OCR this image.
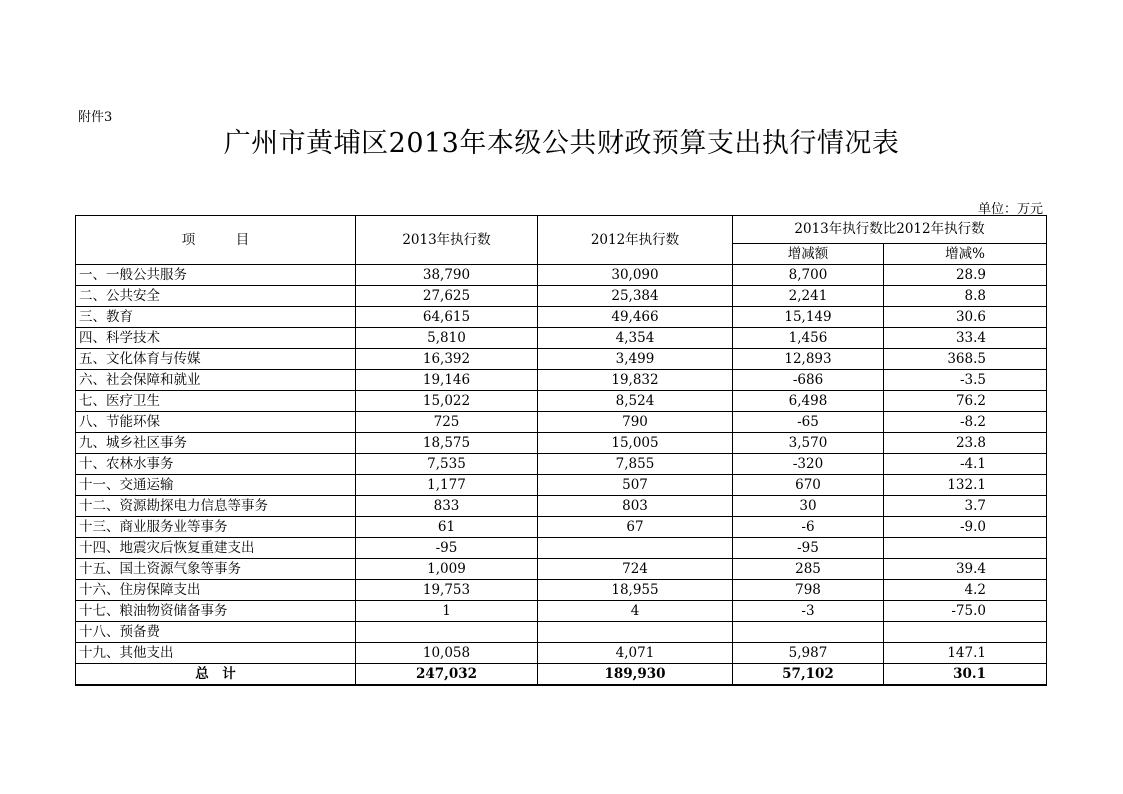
附件3
广州市黄埔区2013年本级公共财政预算支出执行情况表
单位：万元
项　　　目	2013年执行数	2012年执行数	2013年执行数比2012年执行数	
			增减额	增减%
一、一般公共服务	38,790	30,090	8,700	28.9
二、公共安全	27,625	25,384	2,241	8.8
三、教育	64,615	49,466	15,149	30.6
四、科学技术	5,810	4,354	1,456	33.4
五、文化体育与传媒	16,392	3,499	12,893	368.5
六、社会保障和就业	19,146	19,832	-686	-3.5
七、医疗卫生	15,022	8,524	6,498	76.2
八、节能环保	725	790	-65	-8.2
九、城乡社区事务	18,575	15,005	3,570	23.8
十、农林水事务	7,535	7,855	-320	-4.1
十一、交通运输	1,177	507	670	132.1
十二、资源勘探电力信息等事务	833	803	30	3.7
十三、商业服务业等事务	61	67	-6	-9.0
十四、地震灾后恢复重建支出	-95		-95	
十五、国土资源气象等事务	1,009	724	285	39.4
十六、住房保障支出	19,753	18,955	798	4.2
十七、粮油物资储备事务	1	4	-3	-75.0
十八、预备费				
十九、其他支出	10,058	4,071	5,987	147.1
总　计	247,032	189,930	57,102	30.1
